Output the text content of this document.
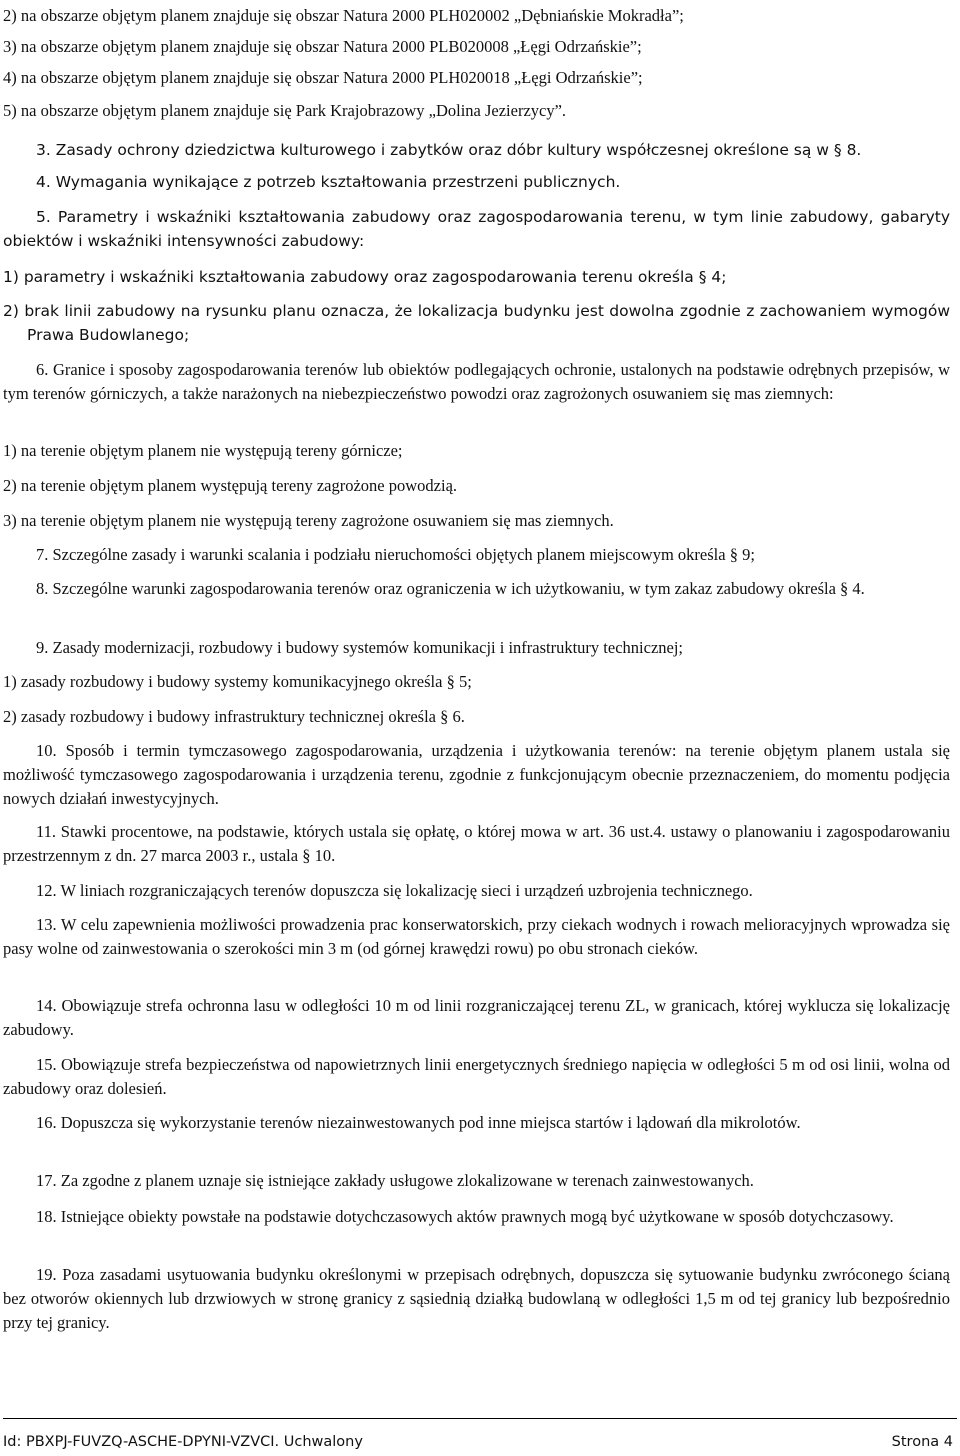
2) na obszarze objętym planem znajduje się obszar Natura 2000 PLH020002 „Dębniańskie Mokradła”;

3) na obszarze objętym planem znajduje się obszar Natura 2000 PLB020008 „Łęgi Odrzańskie”;

4) na obszarze objętym planem znajduje się obszar Natura 2000 PLH020018 „Łęgi Odrzańskie”;

5) na obszarze objętym planem znajduje się Park Krajobrazowy „Dolina Jezierzycy”.

3. Zasady ochrony dziedzictwa kulturowego i zabytków oraz dóbr kultury współczesnej określone są w § 8.

4. Wymagania wynikające z potrzeb kształtowania przestrzeni publicznych.

5. Parametry i wskaźniki kształtowania zabudowy oraz zagospodarowania terenu, w tym linie zabudowy, gabaryty obiektów i wskaźniki intensywności zabudowy:

1) parametry i wskaźniki kształtowania zabudowy oraz zagospodarowania terenu określa § 4;

2) brak linii zabudowy na rysunku planu oznacza, że lokalizacja budynku jest dowolna zgodnie z zachowaniem wymogów Prawa Budowlanego;

6. Granice i sposoby zagospodarowania terenów lub obiektów podlegających ochronie, ustalonych na podstawie odrębnych przepisów, w tym terenów górniczych, a także narażonych na niebezpieczeństwo powodzi oraz zagrożonych osuwaniem się mas ziemnych:

1) na terenie objętym planem nie występują tereny górnicze;

2) na terenie objętym planem występują tereny zagrożone powodzią.

3) na terenie objętym planem nie występują tereny zagrożone osuwaniem się mas ziemnych.

7. Szczególne zasady i warunki scalania i podziału nieruchomości objętych planem miejscowym określa § 9;

8. Szczególne warunki zagospodarowania terenów oraz ograniczenia w ich użytkowaniu, w tym zakaz zabudowy określa § 4.

9. Zasady modernizacji, rozbudowy i budowy systemów komunikacji i infrastruktury technicznej;

1) zasady rozbudowy i budowy systemy komunikacyjnego określa § 5;

2) zasady rozbudowy i budowy infrastruktury technicznej określa § 6.

10. Sposób i termin tymczasowego zagospodarowania, urządzenia i użytkowania terenów: na terenie objętym planem ustala się możliwość tymczasowego zagospodarowania i urządzenia terenu, zgodnie z funkcjonującym obecnie przeznaczeniem, do momentu podjęcia nowych działań inwestycyjnych.

11. Stawki procentowe, na podstawie, których ustala się opłatę, o której mowa w art. 36 ust.4. ustawy o planowaniu i zagospodarowaniu przestrzennym z dn. 27 marca 2003 r., ustala § 10.

12. W liniach rozgraniczających terenów dopuszcza się lokalizację sieci i urządzeń uzbrojenia technicznego.

13. W celu zapewnienia możliwości prowadzenia prac konserwatorskich, przy ciekach wodnych i rowach melioracyjnych wprowadza się pasy wolne od zainwestowania o szerokości min 3 m (od górnej krawędzi rowu) po obu stronach cieków.

14. Obowiązuje strefa ochronna lasu w odległości 10 m od linii rozgraniczającej terenu ZL, w granicach, której wyklucza się lokalizację zabudowy.

15. Obowiązuje strefa bezpieczeństwa od napowietrznych linii energetycznych średniego napięcia w odległości 5 m od osi linii, wolna od zabudowy oraz dolesień.

16. Dopuszcza się wykorzystanie terenów niezainwestowanych pod inne miejsca startów i lądowań dla mikrolotów.

17. Za zgodne z planem uznaje się istniejące zakłady usługowe zlokalizowane w terenach zainwestowanych.

18. Istniejące obiekty powstałe na podstawie dotychczasowych aktów prawnych mogą być użytkowane w sposób dotychczasowy.

19. Poza zasadami usytuowania budynku określonymi w przepisach odrębnych, dopuszcza się sytuowanie budynku zwróconego ścianą bez otworów okiennych lub drzwiowych w stronę granicy z sąsiednią działką budowlaną w odległości 1,5 m od tej granicy lub bezpośrednio przy tej granicy.

Id: PBXPJ-FUVZQ-ASCHE-DPYNI-VZVCI. Uchwalony	Strona 4
